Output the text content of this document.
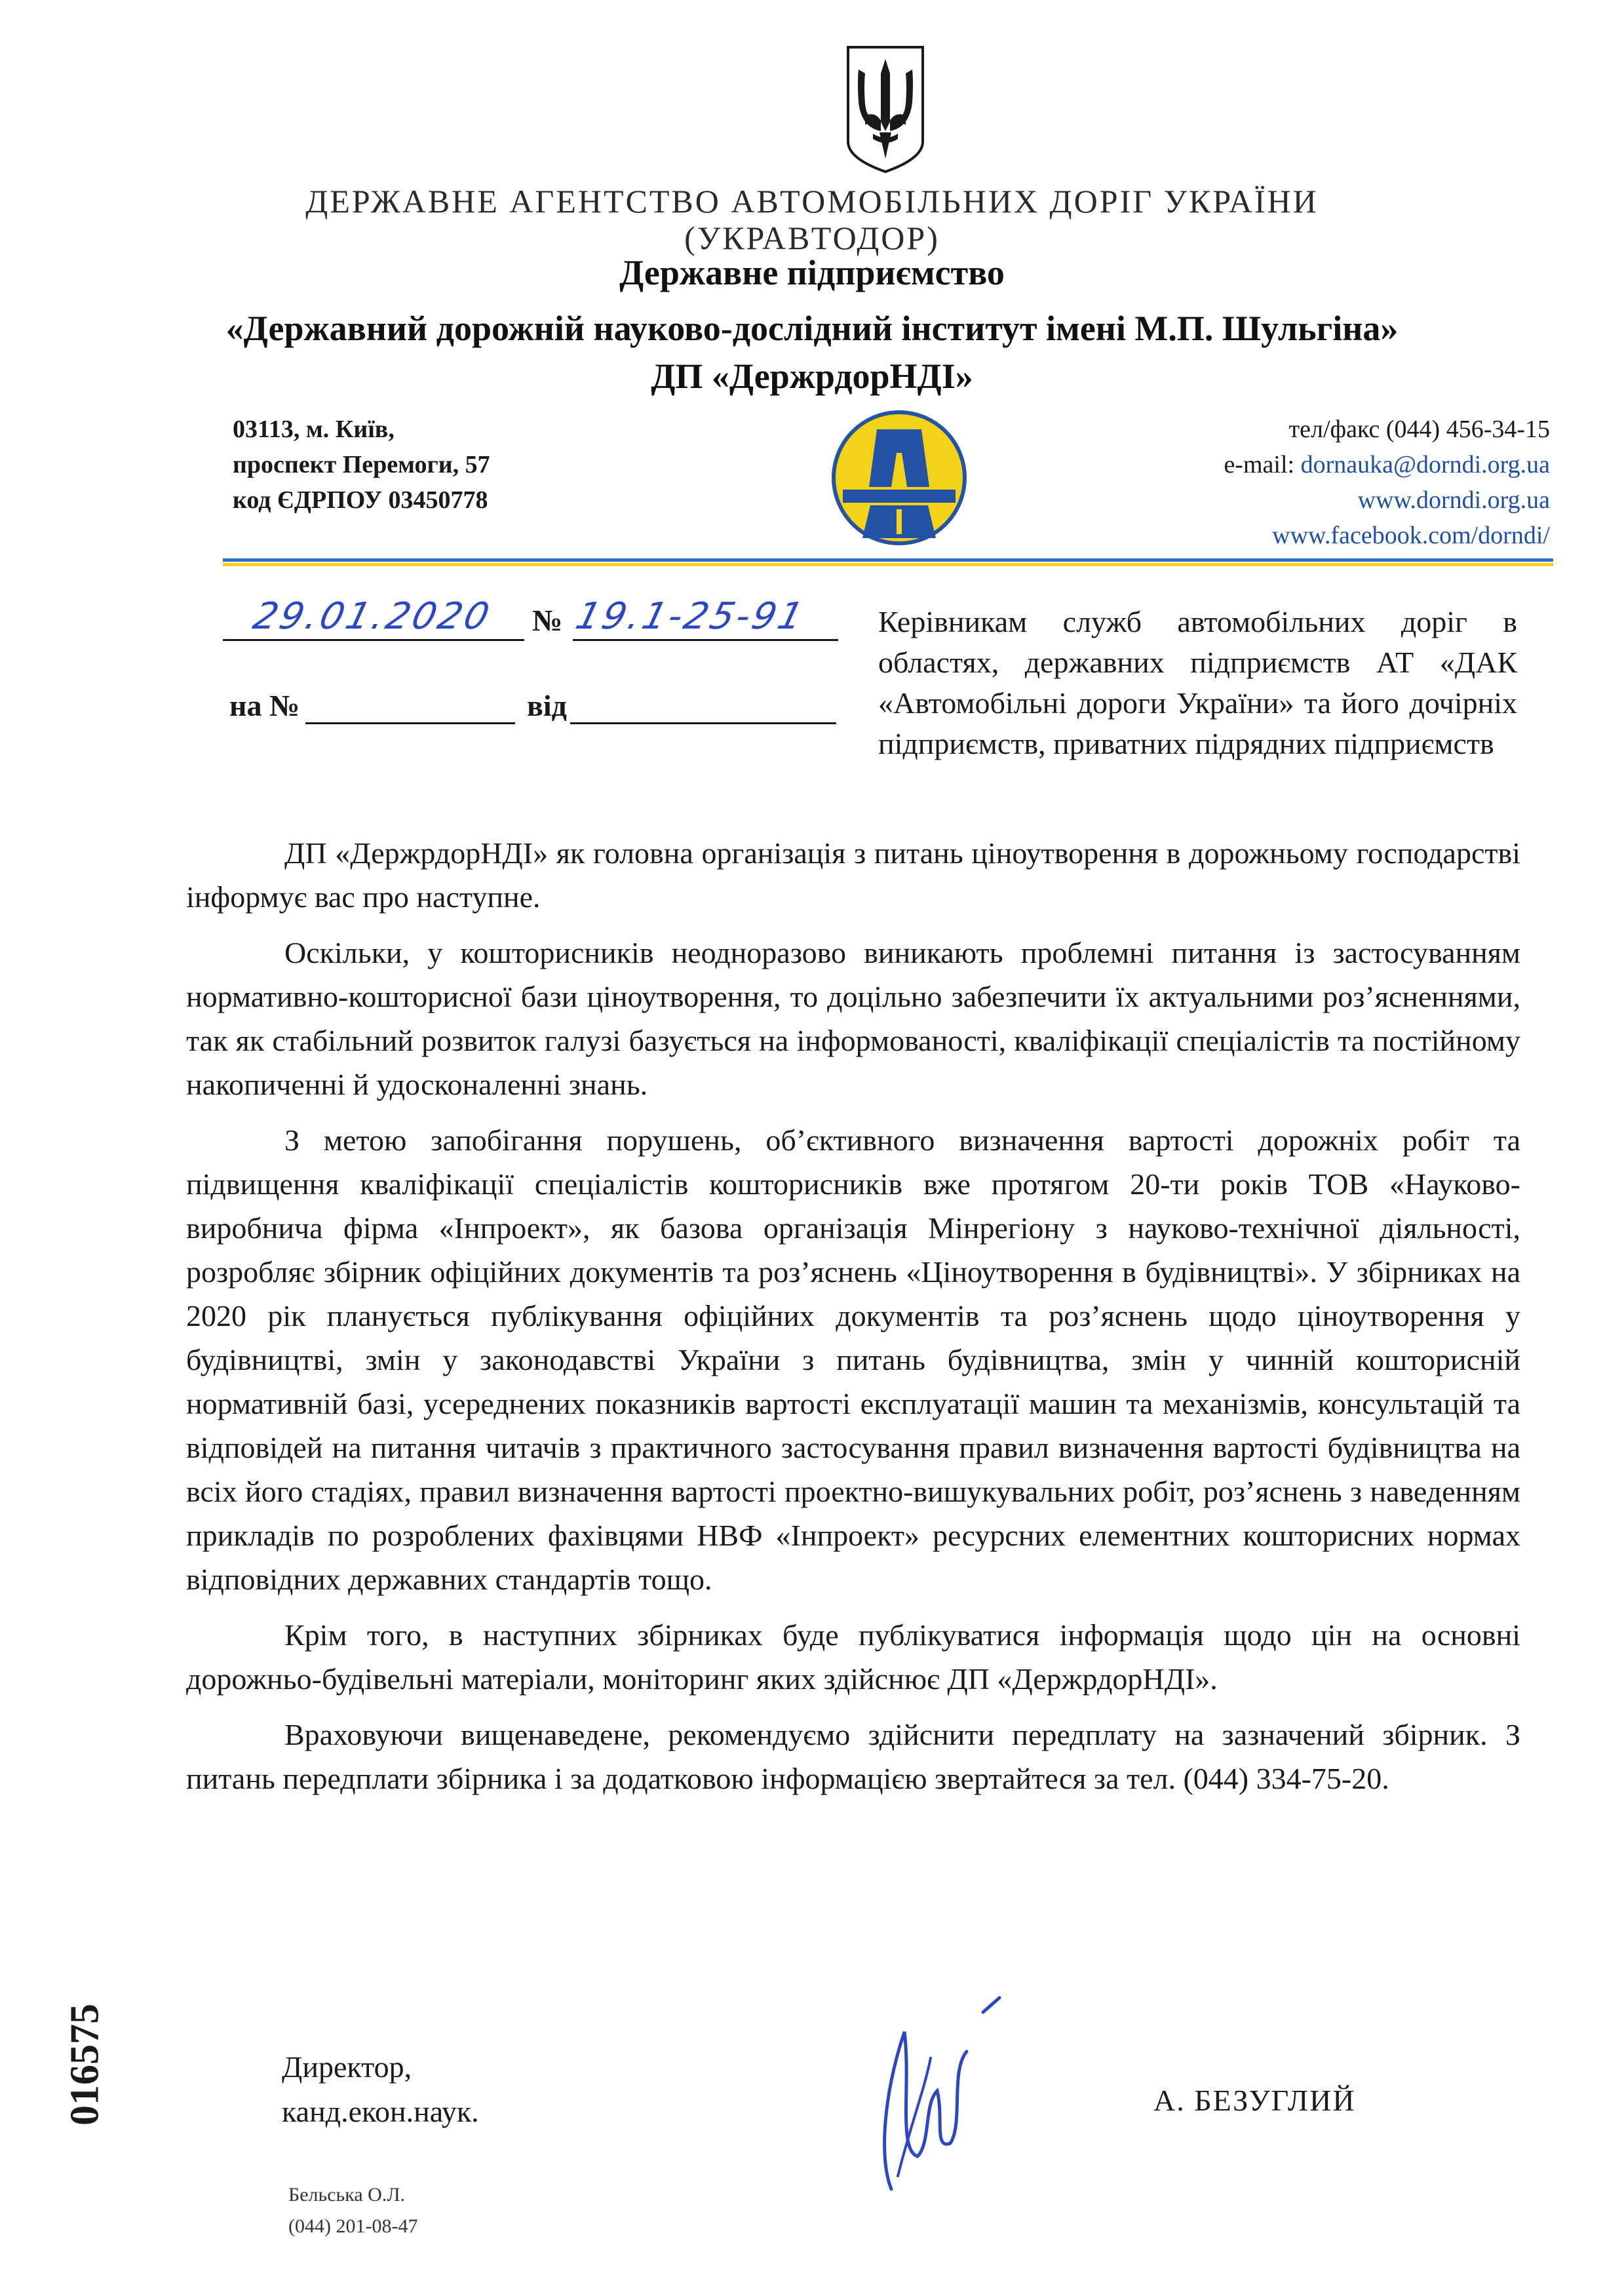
ДЕРЖАВНЕ АГЕНТСТВО АВТОМОБІЛЬНИХ ДОРІГ УКРАЇНИ
(УКРАВТОДОР)
Державне підприємство
«Державний дорожній науково-дослідний інститут імені М.П. Шульгіна»
ДП «ДержрдорНДІ»
03113, м. Київ,
проспект Перемоги, 57
код ЄДРПОУ 03450778
тел/факс (044) 456-34-15
e-mail: dornauka@dorndi.org.ua
www.dorndi.org.ua
www.facebook.com/dorndi/
29.01.2020 № 19.1-25-91
на №	від
Керівникам служб автомобільних доріг в областях, державних підприємств АТ «ДАК «Автомобільні дороги України» та його дочірніх підприємств, приватних підрядних підприємств

ДП «ДержрдорНДІ» як головна організація з питань ціноутворення в дорожньому господарстві інформує вас про наступне.

Оскільки, у кошторисників неодноразово виникають проблемні питання із застосуванням нормативно-кошторисної бази ціноутворення, то доцільно забезпечити їх актуальними роз’ясненнями, так як стабільний розвиток галузі базується на інформованості, кваліфікації спеціалістів та постійному накопиченні й удосконаленні знань.

З метою запобігання порушень, об’єктивного визначення вартості дорожніх робіт та підвищення кваліфікації спеціалістів кошторисників вже протягом 20-ти років ТОВ «Науково-виробнича фірма «Інпроект», як базова організація Мінрегіону з науково-технічної діяльності, розробляє збірник офіційних документів та роз’яснень «Ціноутворення в будівництві». У збірниках на 2020 рік планується публікування офіційних документів та роз’яснень щодо ціноутворення у будівництві, змін у законодавстві України з питань будівництва, змін у чинній кошторисній нормативній базі, усереднених показників вартості експлуатації машин та механізмів, консультацій та відповідей на питання читачів з практичного застосування правил визначення вартості будівництва на всіх його стадіях, правил визначення вартості проектно-вишукувальних робіт, роз’яснень з наведенням прикладів по розроблених фахівцями НВФ «Інпроект» ресурсних елементних кошторисних нормах відповідних державних стандартів тощо.

Крім того, в наступних збірниках буде публікуватися інформація щодо цін на основні дорожньо-будівельні матеріали, моніторинг яких здійснює ДП «ДержрдорНДІ».

Враховуючи вищенаведене, рекомендуємо здійснити передплату на зазначений збірник. З питань передплати збірника і за додатковою інформацією звертайтеся за тел. (044) 334-75-20.

016575	Директор,
канд.екон.наук.	А. БЕЗУГЛИЙ
Бельська О.Л.
(044) 201-08-47
